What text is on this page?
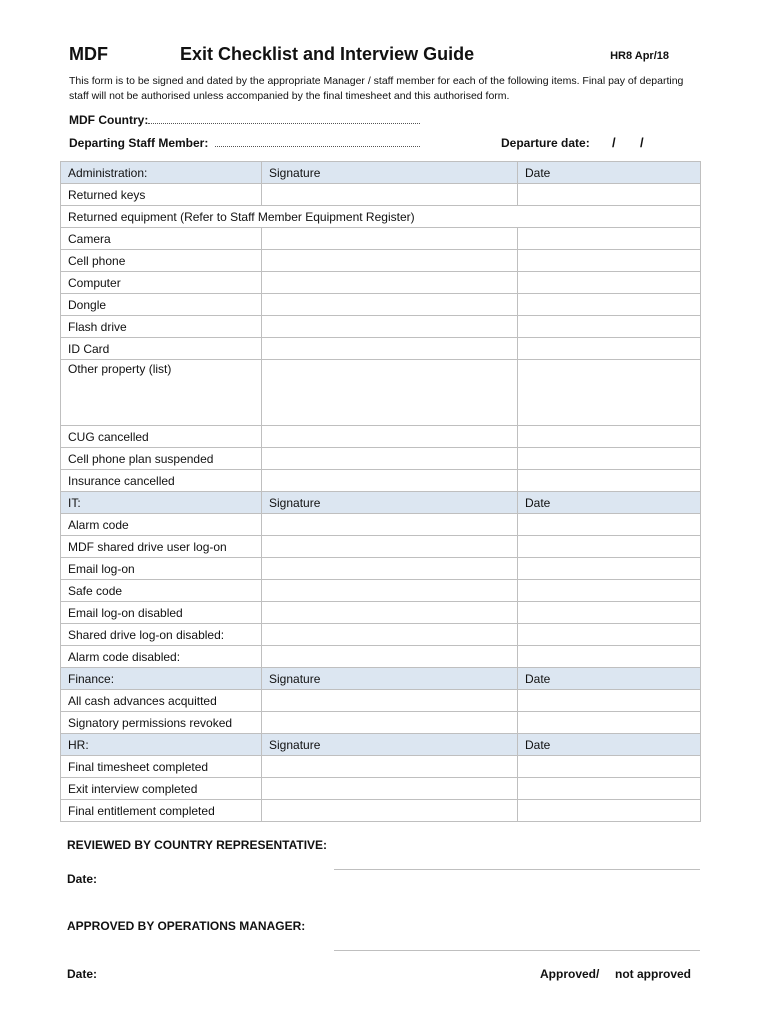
MDF	Exit Checklist and Interview Guide	HR8 Apr/18
This form is to be signed and dated by the appropriate Manager / staff member for each of the following items. Final pay of departing staff will not be authorised unless accompanied by the final timesheet and this authorised form.
MDF Country:
Departing Staff Member:	Departure date: / /
Administration:	Signature	Date
Returned keys		
Returned equipment (Refer to Staff Member Equipment Register)		
Camera		
Cell phone		
Computer		
Dongle		
Flash drive		
ID Card		
Other property (list)		
CUG cancelled		
Cell phone plan suspended		
Insurance cancelled		
IT:	Signature	Date
Alarm code		
MDF shared drive user log-on		
Email log-on		
Safe code		
Email log-on disabled		
Shared drive log-on disabled:		
Alarm code disabled:		
Finance:	Signature	Date
All cash advances acquitted		
Signatory permissions revoked		
HR:	Signature	Date
Final timesheet completed		
Exit interview completed		
Final entitlement completed		
REVIEWED BY COUNTRY REPRESENTATIVE:
Date:
APPROVED BY OPERATIONS MANAGER:
Date:	Approved/ not approved
